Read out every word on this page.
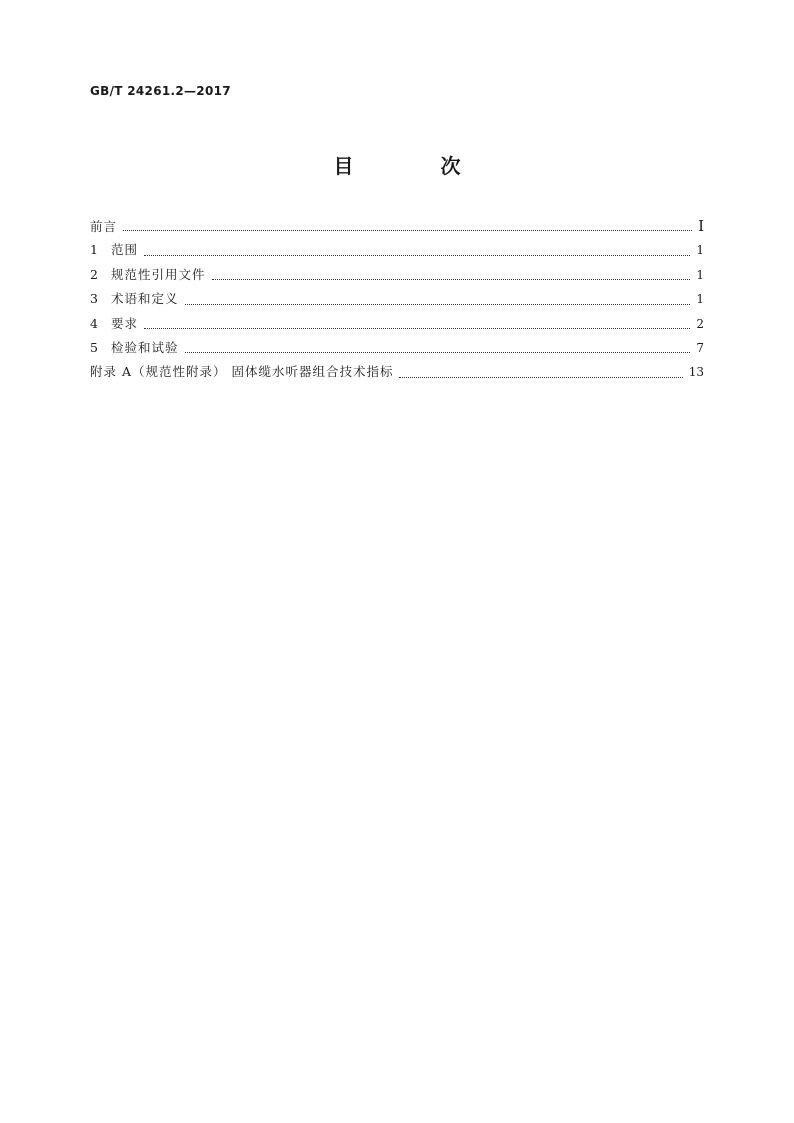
GB/T 24261.2—2017
目 次
前言	I
1	范围	1
2	规范性引用文件	1
3	术语和定义	1
4	要求	2
5	检验和试验	7
附录 A（规范性附录） 固体缆水听器组合技术指标	13
